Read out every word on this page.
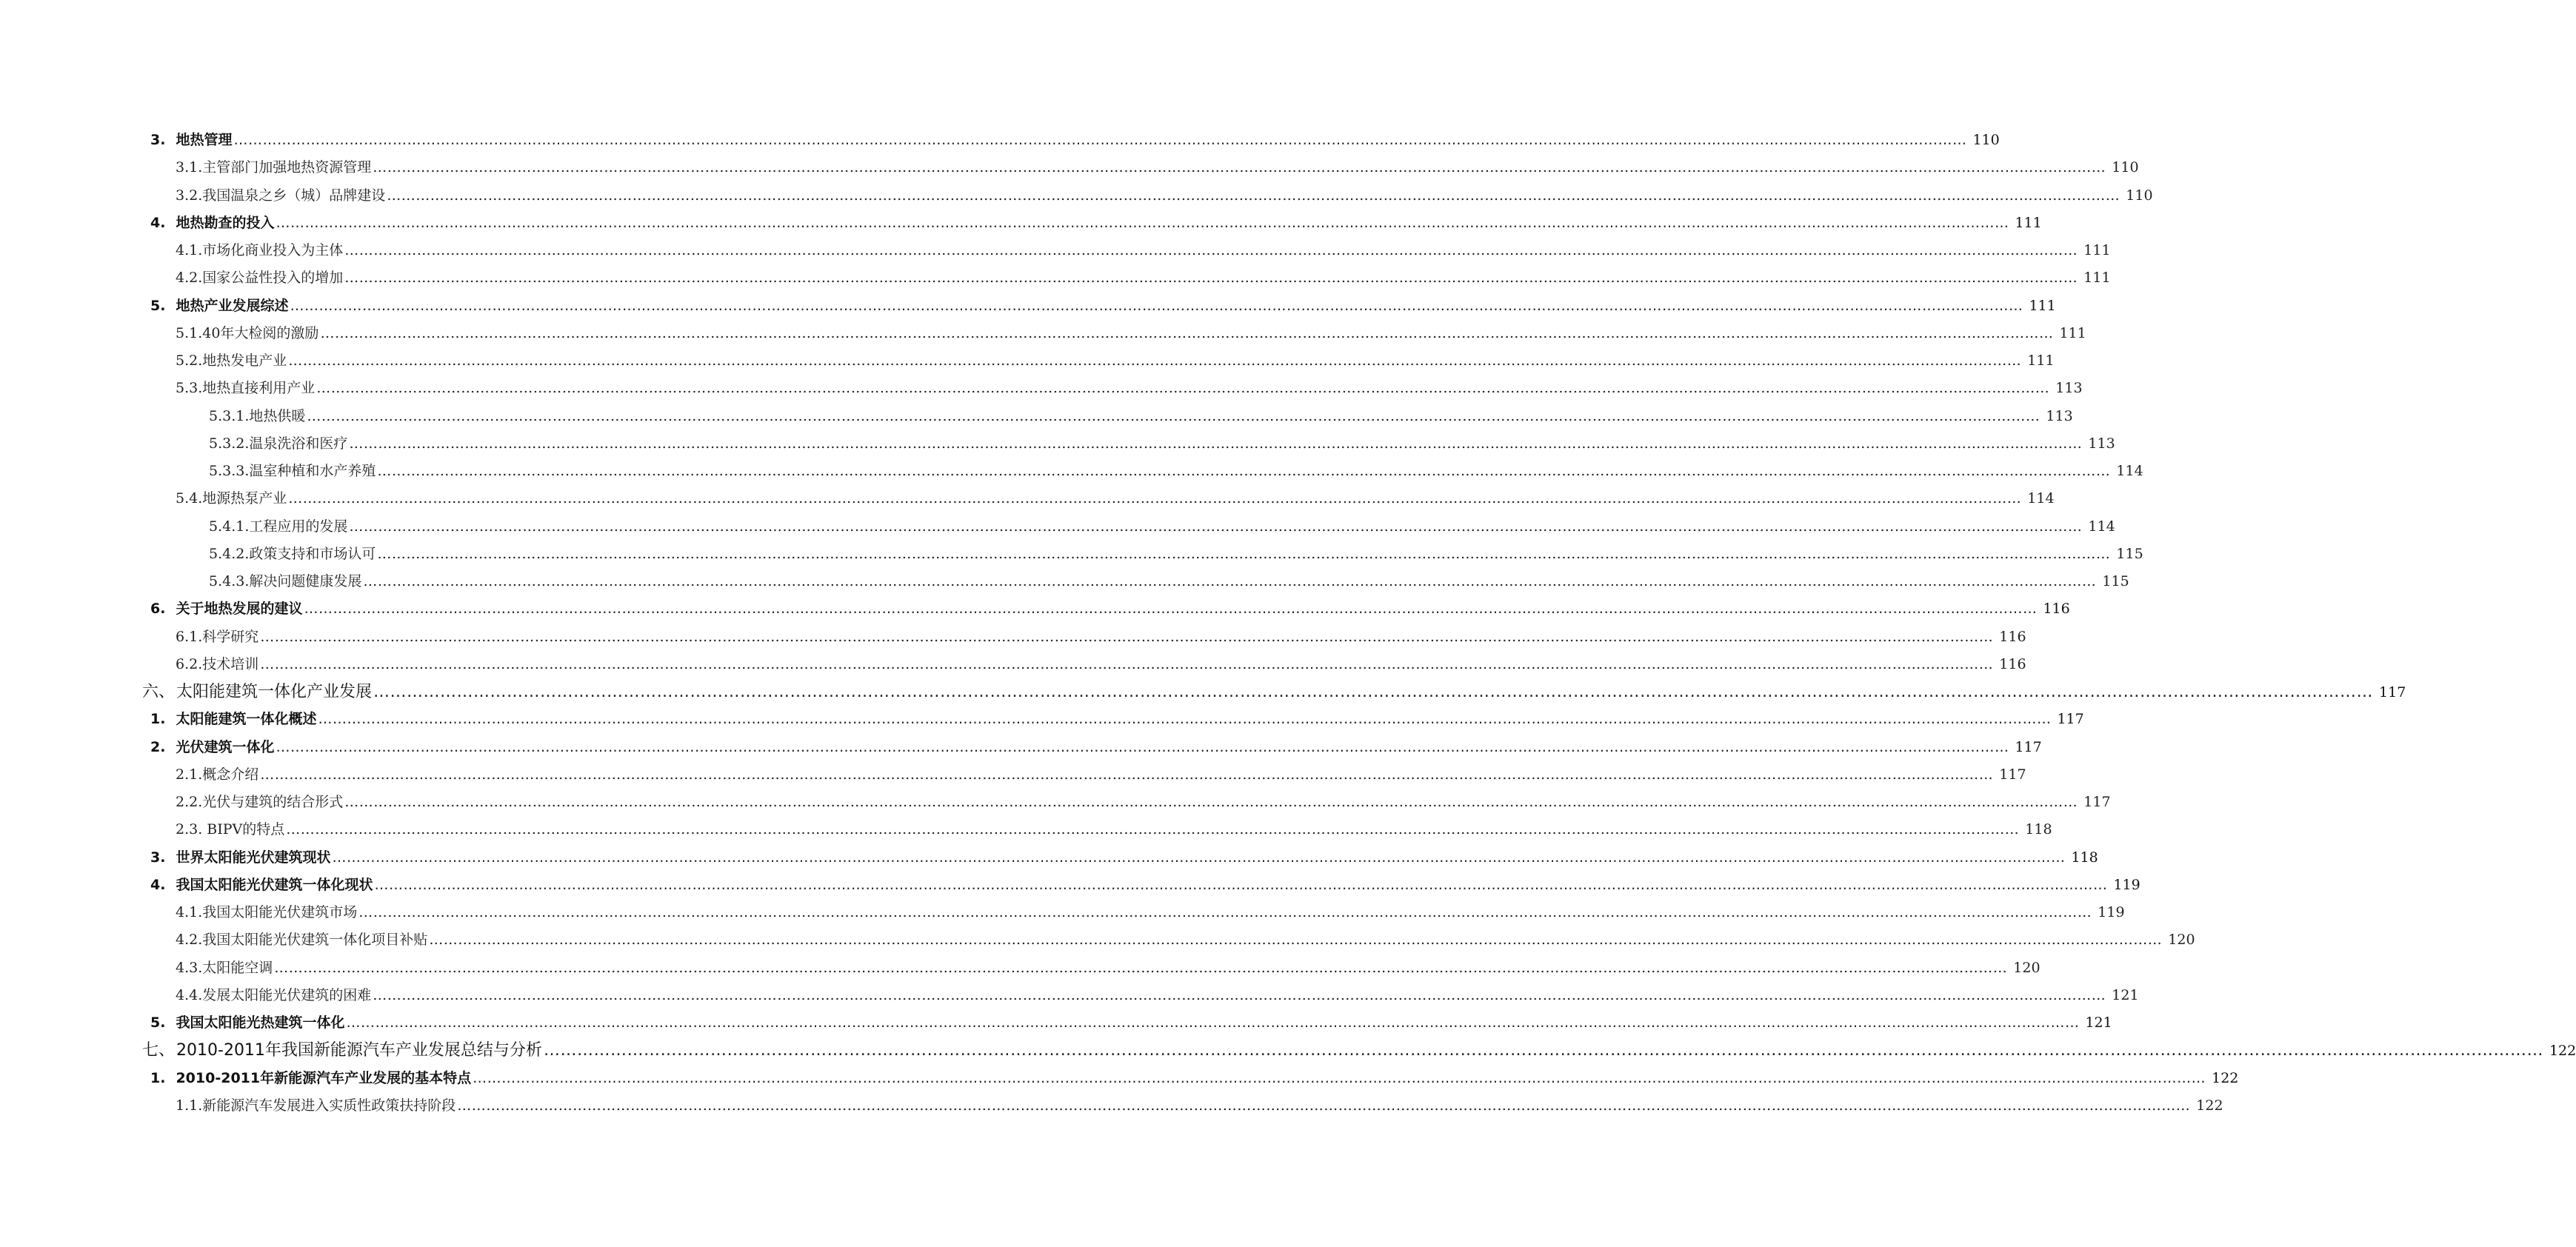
3. 地热管理 ……………………………………………………………………………………………………………………………………………………………………………………………………………………………………………………………………………………………………………………………… 110
3.1.主管部门加强地热资源管理 ……………………………………………………………………………………………………………………………………………………………………………………………………………………………………………………………………………………………………………………………… 110
3.2.我国温泉之乡（城）品牌建设 ……………………………………………………………………………………………………………………………………………………………………………………………………………………………………………………………………………………………………………………………… 110
4. 地热勘查的投入 ……………………………………………………………………………………………………………………………………………………………………………………………………………………………………………………………………………………………………………………………… 111
4.1.市场化商业投入为主体 ……………………………………………………………………………………………………………………………………………………………………………………………………………………………………………………………………………………………………………………………… 111
4.2.国家公益性投入的增加 ……………………………………………………………………………………………………………………………………………………………………………………………………………………………………………………………………………………………………………………………… 111
5. 地热产业发展综述 ……………………………………………………………………………………………………………………………………………………………………………………………………………………………………………………………………………………………………………………………… 111
5.1.40年大检阅的激励 ……………………………………………………………………………………………………………………………………………………………………………………………………………………………………………………………………………………………………………………………… 111
5.2.地热发电产业 ……………………………………………………………………………………………………………………………………………………………………………………………………………………………………………………………………………………………………………………………… 111
5.3.地热直接利用产业 ……………………………………………………………………………………………………………………………………………………………………………………………………………………………………………………………………………………………………………………………… 113
5.3.1.地热供暖 ……………………………………………………………………………………………………………………………………………………………………………………………………………………………………………………………………………………………………………………………… 113
5.3.2.温泉洗浴和医疗 ……………………………………………………………………………………………………………………………………………………………………………………………………………………………………………………………………………………………………………………………… 113
5.3.3.温室种植和水产养殖 ……………………………………………………………………………………………………………………………………………………………………………………………………………………………………………………………………………………………………………………………… 114
5.4.地源热泵产业 ……………………………………………………………………………………………………………………………………………………………………………………………………………………………………………………………………………………………………………………………… 114
5.4.1.工程应用的发展 ……………………………………………………………………………………………………………………………………………………………………………………………………………………………………………………………………………………………………………………………… 114
5.4.2.政策支持和市场认可 ……………………………………………………………………………………………………………………………………………………………………………………………………………………………………………………………………………………………………………………………… 115
5.4.3.解决问题健康发展 ……………………………………………………………………………………………………………………………………………………………………………………………………………………………………………………………………………………………………………………………… 115
6. 关于地热发展的建议 ……………………………………………………………………………………………………………………………………………………………………………………………………………………………………………………………………………………………………………………………… 116
6.1.科学研究 ……………………………………………………………………………………………………………………………………………………………………………………………………………………………………………………………………………………………………………………………… 116
6.2.技术培训 ……………………………………………………………………………………………………………………………………………………………………………………………………………………………………………………………………………………………………………………………… 116
六、太阳能建筑一体化产业发展 ……………………………………………………………………………………………………………………………………………………………………………………………………………………………………………………………………………………………………………………………… 117
1. 太阳能建筑一体化概述 ……………………………………………………………………………………………………………………………………………………………………………………………………………………………………………………………………………………………………………………………… 117
2. 光伏建筑一体化 ……………………………………………………………………………………………………………………………………………………………………………………………………………………………………………………………………………………………………………………………… 117
2.1.概念介绍 ……………………………………………………………………………………………………………………………………………………………………………………………………………………………………………………………………………………………………………………………… 117
2.2.光伏与建筑的结合形式 ……………………………………………………………………………………………………………………………………………………………………………………………………………………………………………………………………………………………………………………………… 117
2.3. BIPV的特点 ……………………………………………………………………………………………………………………………………………………………………………………………………………………………………………………………………………………………………………………………… 118
3. 世界太阳能光伏建筑现状 ……………………………………………………………………………………………………………………………………………………………………………………………………………………………………………………………………………………………………………………………… 118
4. 我国太阳能光伏建筑一体化现状 ……………………………………………………………………………………………………………………………………………………………………………………………………………………………………………………………………………………………………………………………… 119
4.1.我国太阳能光伏建筑市场 ……………………………………………………………………………………………………………………………………………………………………………………………………………………………………………………………………………………………………………………………… 119
4.2.我国太阳能光伏建筑一体化项目补贴 ……………………………………………………………………………………………………………………………………………………………………………………………………………………………………………………………………………………………………………………………… 120
4.3.太阳能空调 ……………………………………………………………………………………………………………………………………………………………………………………………………………………………………………………………………………………………………………………………… 120
4.4.发展太阳能光伏建筑的困难 ……………………………………………………………………………………………………………………………………………………………………………………………………………………………………………………………………………………………………………………………… 121
5. 我国太阳能光热建筑一体化 ……………………………………………………………………………………………………………………………………………………………………………………………………………………………………………………………………………………………………………………………… 121
七、2010-2011年我国新能源汽车产业发展总结与分析 ……………………………………………………………………………………………………………………………………………………………………………………………………………………………………………………………………………………………………………………………… 122
1. 2010-2011年新能源汽车产业发展的基本特点 ……………………………………………………………………………………………………………………………………………………………………………………………………………………………………………………………………………………………………………………………… 122
1.1.新能源汽车发展进入实质性政策扶持阶段 ……………………………………………………………………………………………………………………………………………………………………………………………………………………………………………………………………………………………………………………………… 122
